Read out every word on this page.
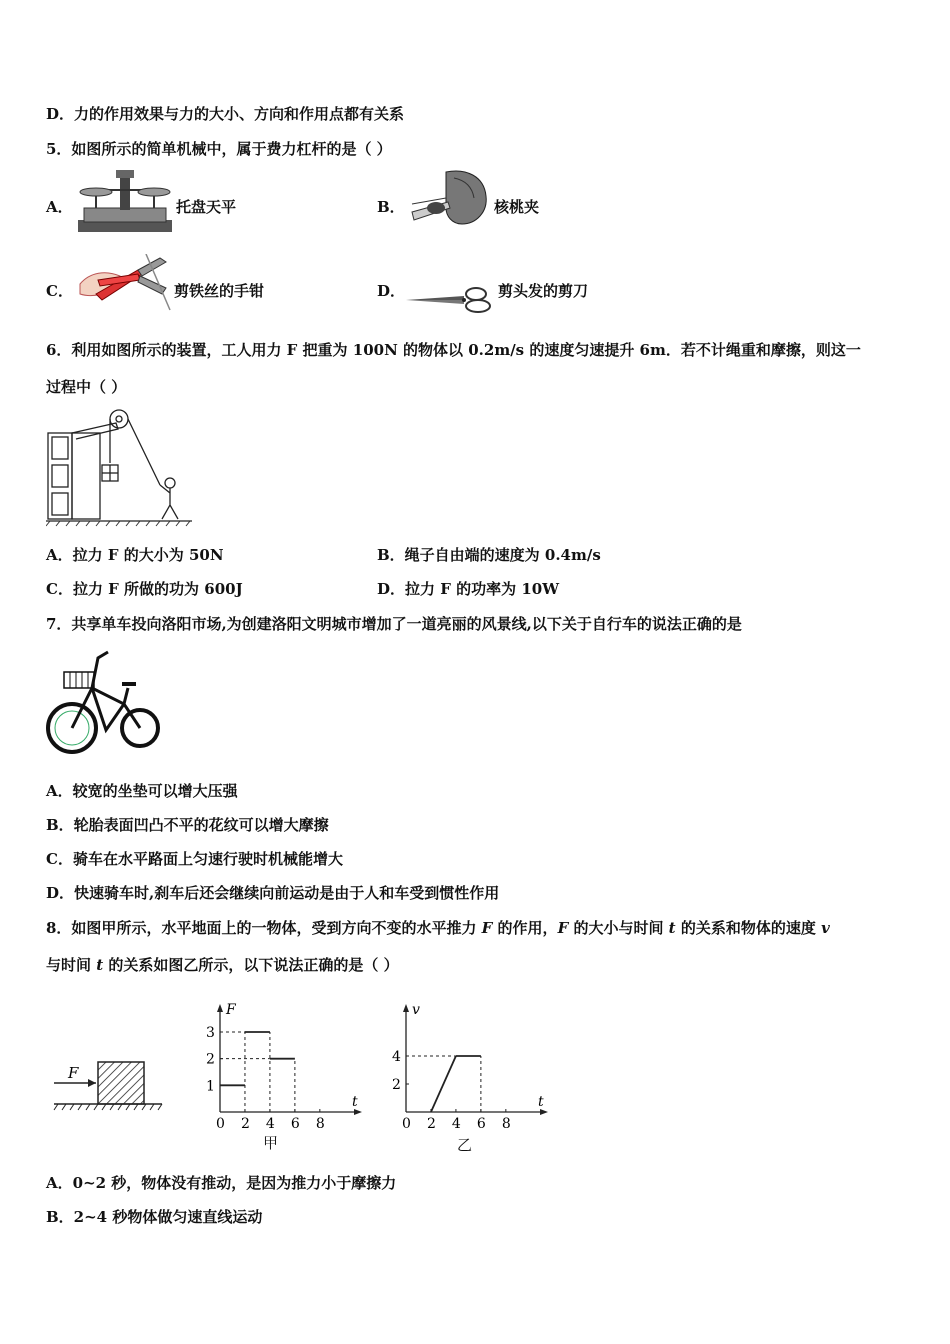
D．力的作用效果与力的大小、方向和作用点都有关系
5．如图所示的简单机械中，属于费力杠杆的是（ ）
A．	托盘天平	B．	核桃夹
C．	剪铁丝的手钳	D．	剪头发的剪刀
6．利用如图所示的装置，工人用力 F 把重为 100N 的物体以 0.2m/s 的速度匀速提升 6m．若不计绳重和摩擦，则这一
过程中（ ）
A．拉力 F 的大小为 50N	B．绳子自由端的速度为 0.4m/s
C．拉力 F 所做的功为 600J	D．拉力 F 的功率为 10W
7．共享单车投向洛阳市场,为创建洛阳文明城市增加了一道亮丽的风景线,以下关于自行车的说法正确的是
A．较宽的坐垫可以增大压强
B．轮胎表面凹凸不平的花纹可以增大摩擦
C．骑车在水平路面上匀速行驶时机械能增大
D．快速骑车时,刹车后还会继续向前运动是由于人和车受到惯性作用
8．如图甲所示，水平地面上的一物体，受到方向不变的水平推力 F 的作用，F 的大小与时间 t 的关系和物体的速度 v
与时间 t 的关系如图乙所示，以下说法正确的是（ ）
F
t
F
0 2 4 6 8
1
2
3
甲
t
v
0 2 4 6 8
2
4
乙
A．0~2 秒，物体没有推动，是因为推力小于摩擦力
B．2~4 秒物体做匀速直线运动
